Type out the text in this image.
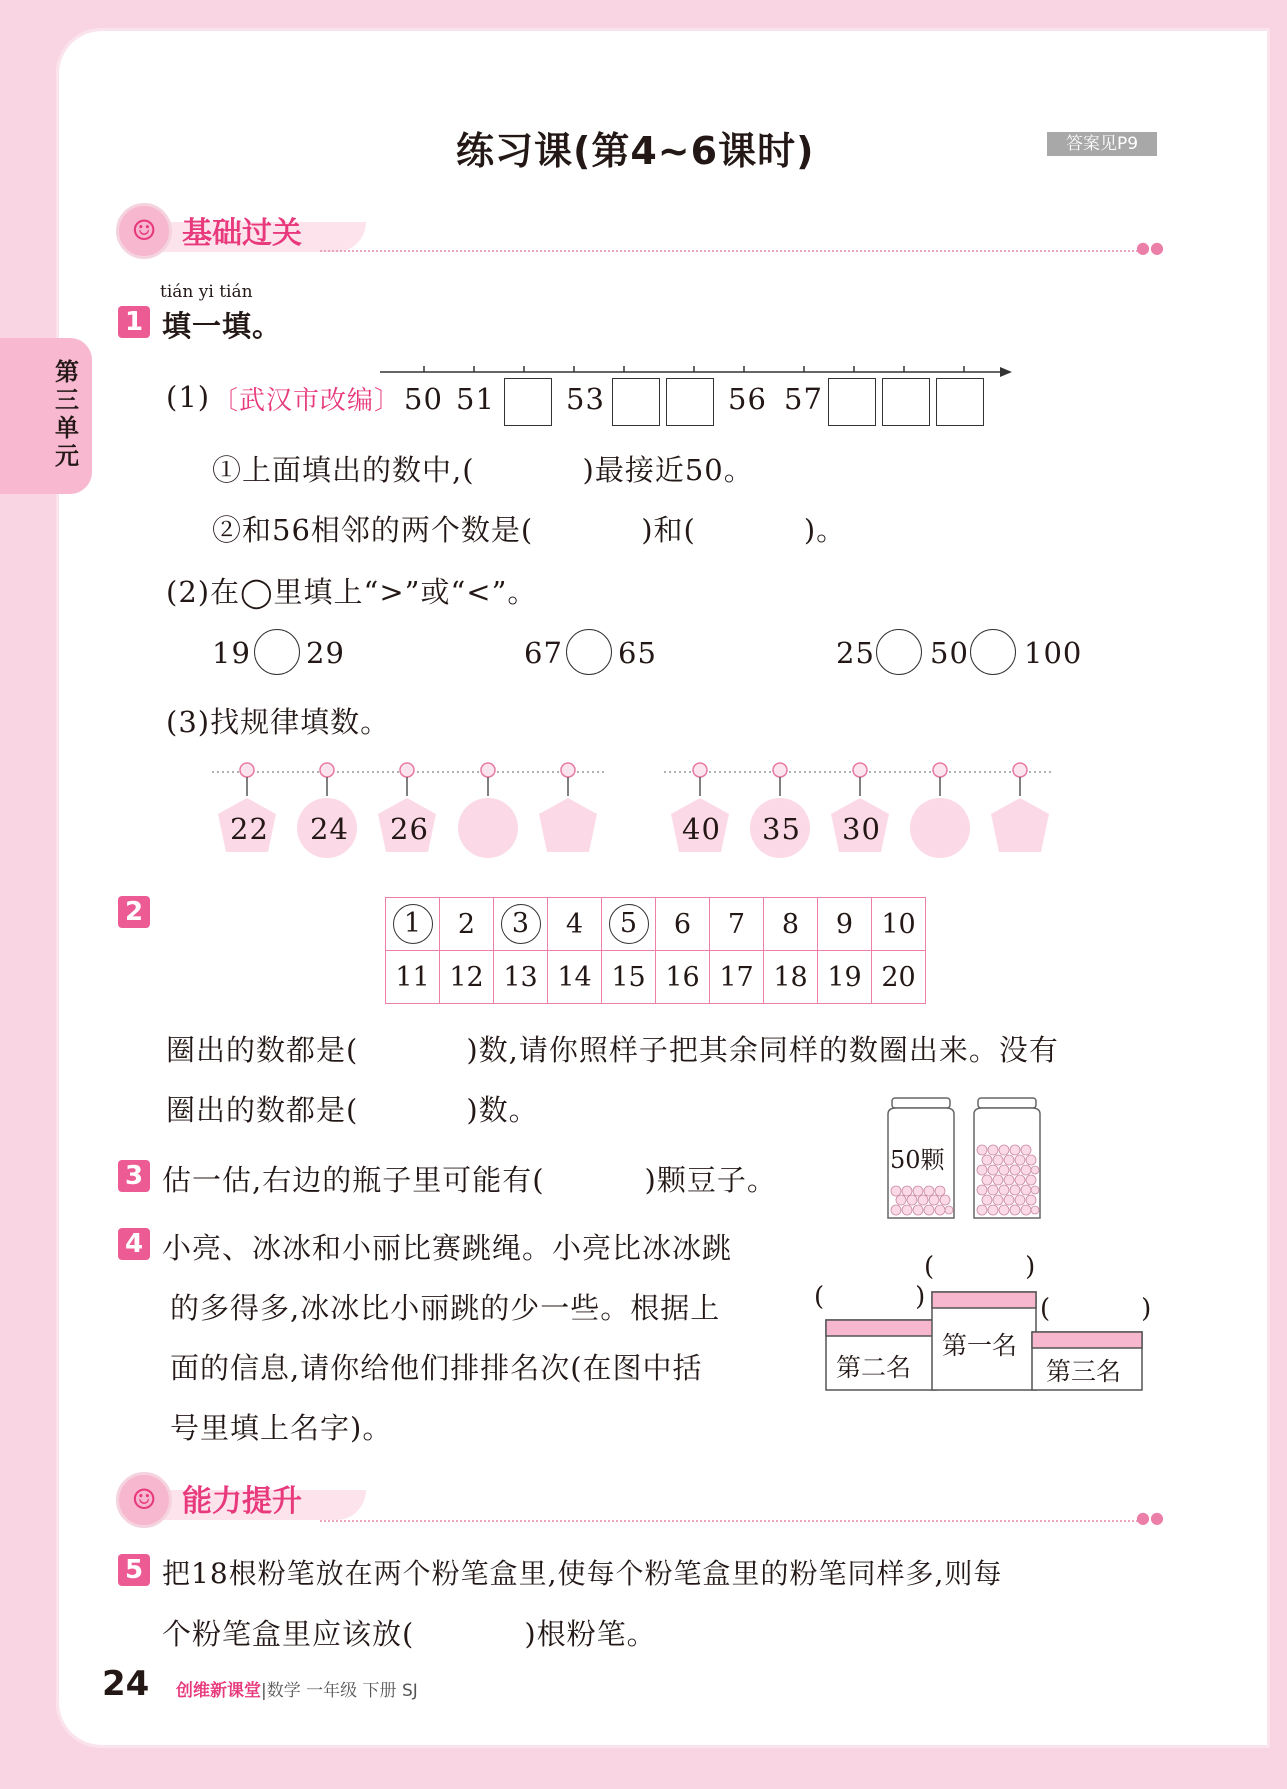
第三单元
练习课(第4~6课时)	答案见P9
☺ 基础过关	●●
tián yi tián
1 填一填。
(1) 〔武汉市改编〕 50 51 53	56 57
①上面填出的数中,(	)最接近50。
②和56相邻的两个数是(	)和(	)。
(2)在◯里填上“>”或“<”。
19 29	67 65	25 50 100
(3)找规律填数。
22 24 26	40 35 30
2	1	2	3	4	5	6	7	8	9	10
11	12	13	14	15	16	17	18	19	20
圈出的数都是(	)数,请你照样子把其余同样的数圈出来。没有
圈出的数都是(	)数。
3 估一估,右边的瓶子里可能有(	)颗豆子。
50颗
4 小亮、冰冰和小丽比赛跳绳。小亮比冰冰跳
的多得多,冰冰比小丽跳的少一些。根据上
面的信息,请你给他们排排名次(在图中括
号里填上名字)。
第二名
第一名
第三名
(	)
(	)	(	)
☺ 能力提升	●●
5 把18根粉笔放在两个粉笔盒里,使每个粉笔盒里的粉笔同样多,则每
个粉笔盒里应该放(	)根粉笔。
24 创维新课堂|数学 一年级 下册 SJ
